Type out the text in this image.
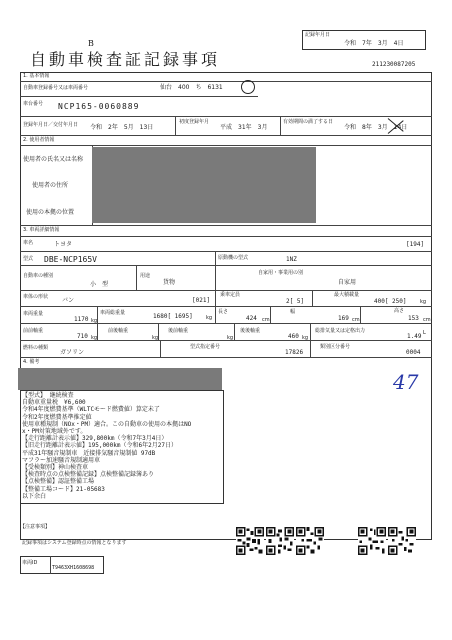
B
記録年月日
令和　7年　3月　4日
自動車検査証記録事項	211230087205
1. 基本情報
自動車登録番号又は車両番号	仙台　400　ち　6131
車台番号 NCP165-0060889
登録年月日／交付年月日 令和　2年　5月　13日
初度登録年月
平成　31年　3月
有効期間の満了する日
令和　8年　3月　14日
2. 使用者情報
使用者の氏名又は名称
使用者の住所
使用の本拠の位置
3. 車両詳細情報
車名	トヨタ	[194]
型式 DBE-NCP165V	原動機の型式	1NZ
自動車の種別
小　型
用途
貨物
自家用・事業用の別
自家用
車体の形状 バン	[021]
乗車定員
2[ 5]
最大積載量
400[ 250]	kg
車両重量
1170 kg
車両総重量	1680[ 1695]	kg
長さ
424 cm
幅
169 cm
高さ
153 cm
前前軸重
710 kg
前後軸重
kg
後前軸重
kg
後後軸重
460 kg
総排気量又は定格出力
1.49 L
燃料の種類
ガソリン
型式指定番号
17826
類別区分番号
0004
4. 備考
47

【型式】 継続検査

自動車重量税　¥6,600

令和4年度燃費基準（WLTCモード燃費値）算定未了

令和2年度燃費基準推定値

使用車種規制（NOx・PM）適合。この自動車の使用の本拠はNO

x・PM対策地域外です。

【走行距離計表示値】329,800km（令和7年3月4日）

【旧走行距離計表示値】195,000km（令和6年2月27日）

平成31年騒音規制車　近接排気騒音規制値 97dB

マフラー加速騒音規制適用車

【受検類別】神山検査車

【検査時点の点検整備記録】点検整備記録簿あり

【点検整備】認証整備工場

【整備工場コード】21-05683

以下余白

【注意事項】
記録事項はシステム登録時点の情報となります
車両ID
T9463XH1608698
